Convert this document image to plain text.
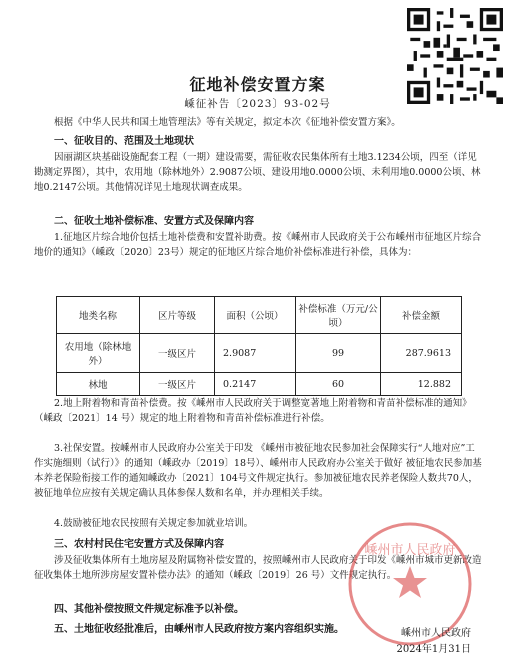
征地补偿安置方案
嵊征补告〔2023〕93-02号
根据《中华人民共和国土地管理法》等有关规定，拟定本次《征地补偿安置方案》。
一、征收目的、范围及土地现状
因丽湖区块基础设施配套工程（一期）建设需要，需征收农民集体所有土地3.1234公顷，四至（详见勘测定界图），其中，农用地（除林地外）2.9087公顷、建设用地0.0000公顷、未利用地0.0000公顷、林地0.2147公顷。其他情况详见土地现状调查成果。
二、征收土地补偿标准、安置方式及保障内容
1.征地区片综合地价包括土地补偿费和安置补助费。按《嵊州市人民政府关于公布嵊州市征地区片综合地价的通知》（嵊政〔2020〕23号）规定的征地区片综合地价补偿标准进行补偿，具体为：
地类名称	区片等级	面积（公顷）	补偿标准（万元/公顷）	补偿金额
农用地（除林地外）	一级区片	2.9087	99	287.9613
林地	一级区片	0.2147	60	12.882
2.地上附着物和青苗补偿费。按《嵊州市人民政府关于调整宽著地上附着物和青苗补偿标准的通知》（嵊政〔2021〕14 号）规定的地上附着物和青苗补偿标准进行补偿。
3.社保安置。按嵊州市人民政府办公室关于印发 《嵊州市被征地农民参加社会保障实行“人地对应”工作实施细则（试行）》的通知（嵊政办〔2019〕18号）、嵊州市人民政府办公室关于做好 被征地农民参加基本养老保险衔接工作的通知嵊政办〔2021〕104号文件规定执行。参加被征地农民养老保险人数共70人，被征地单位应按有关规定确认具体参保人数和名单，并办理相关手续。
4.鼓励被征地农民按照有关规定参加就业培训。
三、农村村民住宅安置方式及保障内容
涉及征收集体所有土地房屋及附属物补偿安置的，按照嵊州市人民政府关于印发《嵊州市城市更新改造征收集体土地所涉房屋安置补偿办法》的通知（嵊政〔2019〕26 号）文件规定执行。
四、其他补偿按照文件规定标准予以补偿。
五、土地征收经批准后，由嵊州市人民政府按方案内容组织实施。
嵊州市人民政府
嵊州市人民政府
2024年1月31日
